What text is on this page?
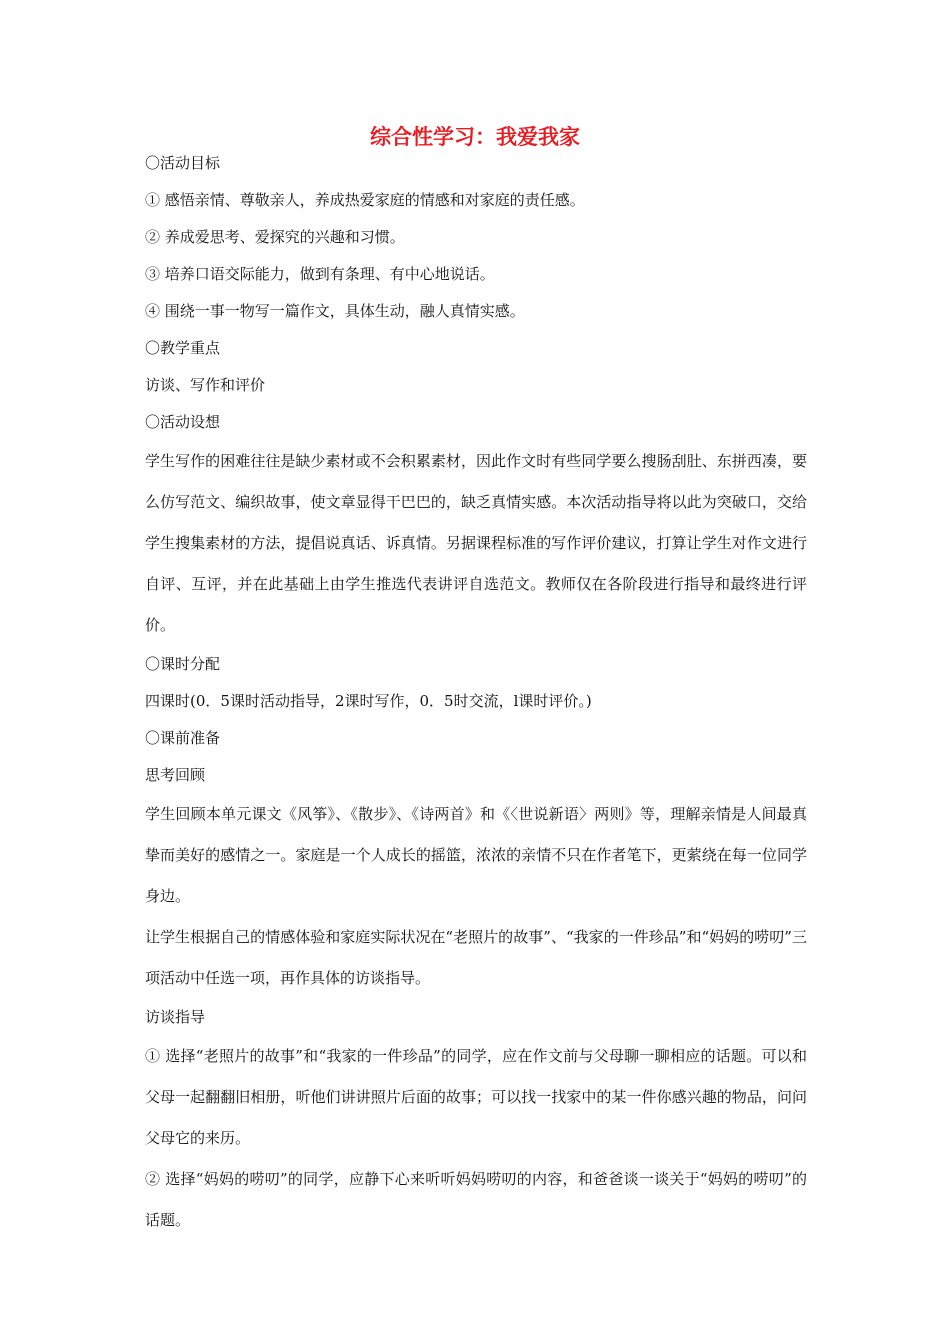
综合性学习：我爱我家

〇活动目标

① 感悟亲情、尊敬亲人，养成热爱家庭的情感和对家庭的责任感。

② 养成爱思考、爱探究的兴趣和习惯。

③ 培养口语交际能力，做到有条理、有中心地说话。

④ 围绕一事一物写一篇作文，具体生动，融人真情实感。

〇教学重点

访谈、写作和评价

〇活动设想

学生写作的困难往往是缺少素材或不会积累素材，因此作文时有些同学要么搜肠刮肚、东拼西凑，要么仿写范文、编织故事，使文章显得干巴巴的，缺乏真情实感。本次活动指导将以此为突破口，交给学生搜集素材的方法，提倡说真话、诉真情。另据课程标准的写作评价建议，打算让学生对作文进行自评、互评，并在此基础上由学生推选代表讲评自选范文。教师仅在各阶段进行指导和最终进行评价。

〇课时分配

四课时(0．5课时活动指导，2课时写作，0．5时交流，l课时评价。)

〇课前准备

思考回顾

学生回顾本单元课文《风筝》、《散步》、《诗两首》和《〈世说新语〉两则》等，理解亲情是人间最真挚而美好的感情之一。家庭是一个人成长的摇篮，浓浓的亲情不只在作者笔下，更萦绕在每一位同学身边。

让学生根据自己的情感体验和家庭实际状况在“老照片的故事”、“我家的一件珍品”和“妈妈的唠叨”三项活动中任选一项，再作具体的访谈指导。

访谈指导

① 选择“老照片的故事”和“我家的一件珍品”的同学，应在作文前与父母聊一聊相应的话题。可以和父母一起翻翻旧相册，听他们讲讲照片后面的故事；可以找一找家中的某一件你感兴趣的物品，问问父母它的来历。

② 选择“妈妈的唠叨”的同学，应静下心来听听妈妈唠叨的内容，和爸爸谈一谈关于“妈妈的唠叨”的话题。
